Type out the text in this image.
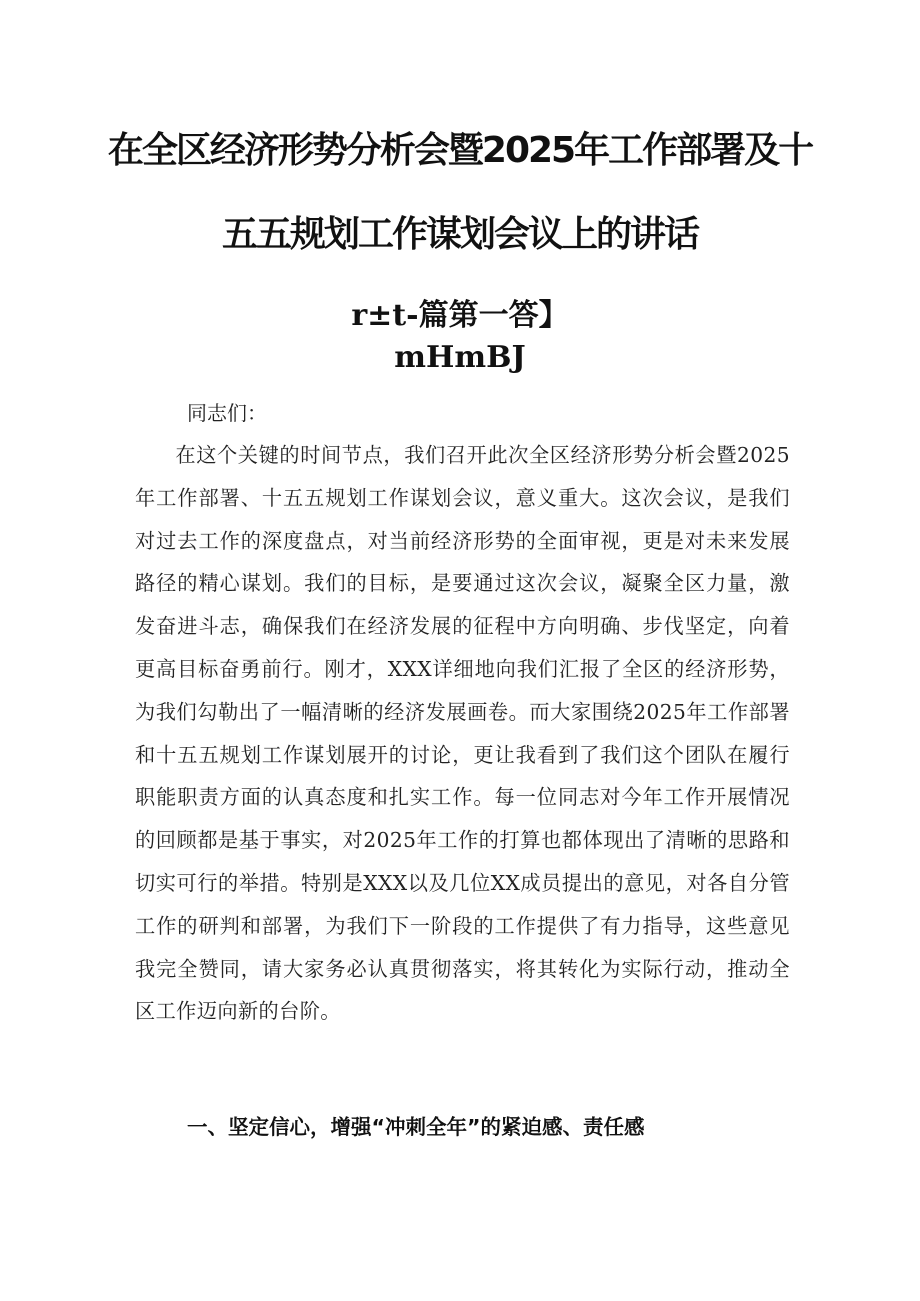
在全区经济形势分析会暨2025年工作部署及十
五五规划工作谋划会议上的讲话
r±t-篇第一答】
mHmBJ
同志们：
在这个关键的时间节点，我们召开此次全区经济形势分析会暨2025年工作部署、十五五规划工作谋划会议，意义重大。这次会议，是我们对过去工作的深度盘点，对当前经济形势的全面审视，更是对未来发展路径的精心谋划。我们的目标，是要通过这次会议，凝聚全区力量，激发奋进斗志，确保我们在经济发展的征程中方向明确、步伐坚定，向着更高目标奋勇前行。刚才，XXX详细地向我们汇报了全区的经济形势，为我们勾勒出了一幅清晰的经济发展画卷。而大家围绕2025年工作部署和十五五规划工作谋划展开的讨论，更让我看到了我们这个团队在履行职能职责方面的认真态度和扎实工作。每一位同志对今年工作开展情况的回顾都是基于事实，对2025年工作的打算也都体现出了清晰的思路和切实可行的举措。特别是XXX以及几位XX成员提出的意见，对各自分管工作的研判和部署，为我们下一阶段的工作提供了有力指导，这些意见我完全赞同，请大家务必认真贯彻落实，将其转化为实际行动，推动全区工作迈向新的台阶。
一、坚定信心，增强“冲刺全年”的紧迫感、责任感
